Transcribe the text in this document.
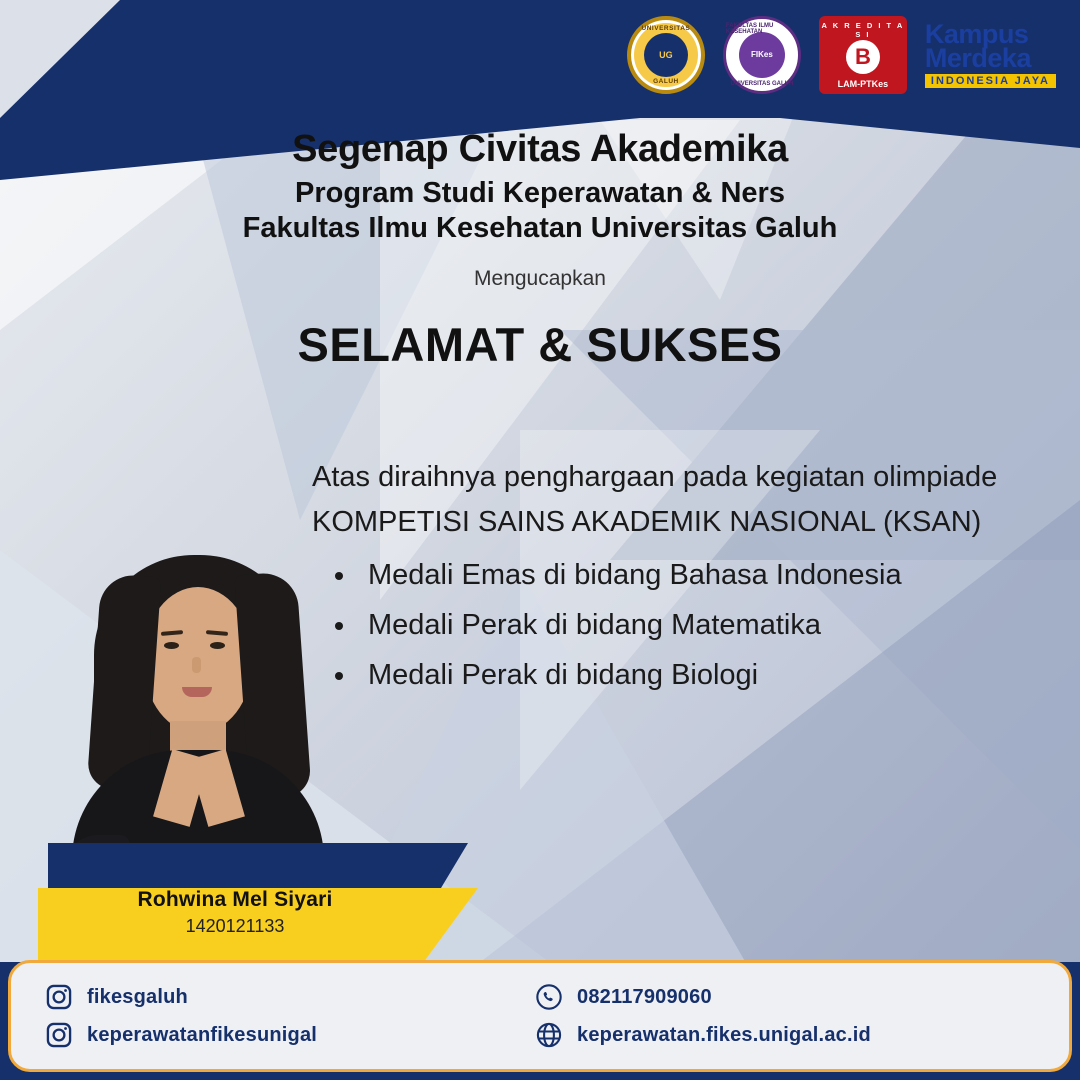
UNIVERSITAS
UG
GALUH
FAKULTAS ILMU KESEHATAN
FIKes
UNIVERSITAS GALUH
A K R E D I T A S I
B
LAM-PTKes
Kampus
Merdeka
INDONESIA JAYA
Segenap Civitas Akademika
Program Studi Keperawatan & Ners
Fakultas Ilmu Kesehatan Universitas Galuh
Mengucapkan
SELAMAT & SUKSES

Atas diraihnya penghargaan pada kegiatan olimpiade KOMPETISI SAINS AKADEMIK NASIONAL (KSAN)

• Medali Emas di bidang Bahasa Indonesia
• Medali Perak di bidang Matematika
• Medali Perak di bidang Biologi
Rohwina Mel Siyari
1420121133
fikesgaluh
keperawatanfikesunigal
082117909060
keperawatan.fikes.unigal.ac.id
